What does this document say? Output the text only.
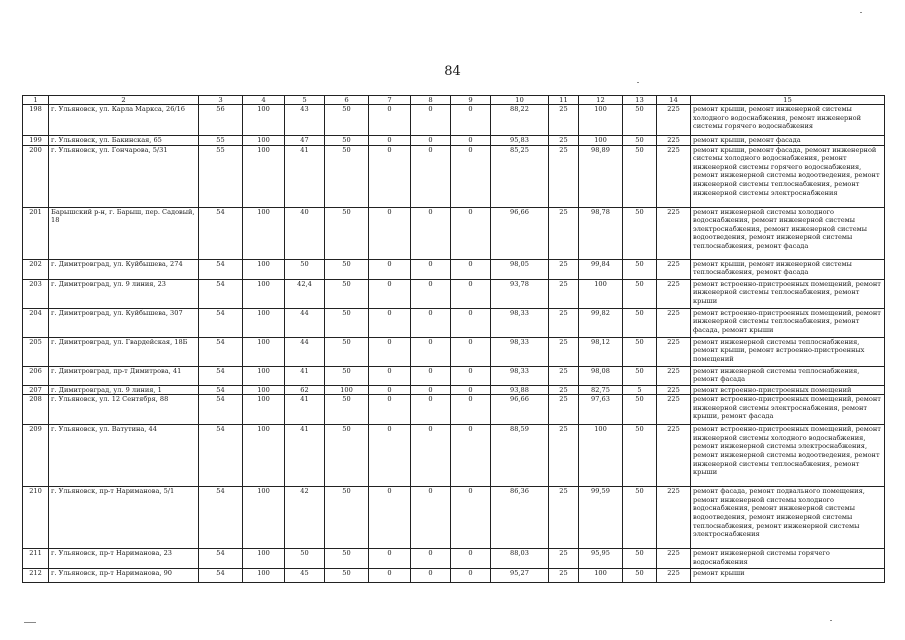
84
1	2	3	4	5	6	7	8	9	10	11	12	13	14	15
198	г. Ульяновск, ул. Карла Маркса, 26/16	56	100	43	50	0	0	0	88,22	25	100	50	225	ремонт крыши, ремонт инженерной системы холодного водоснабжения, ремонт инженерной системы горячего водоснабжения
199	г. Ульяновск, ул. Бакинская, 65	55	100	47	50	0	0	0	95,83	25	100	50	225	ремонт крыши, ремонт фасада
200	г. Ульяновск, ул. Гончарова, 5/31	55	100	41	50	0	0	0	85,25	25	98,89	50	225	ремонт крыши, ремонт фасада, ремонт инженерной системы холодного водоснабжения, ремонт инженерной системы горячего водоснабжения, ремонт инженерной системы водоотведения, ремонт инженерной системы теплоснабжения, ремонт инженерной системы электроснабжения
201	Барышский р-н, г. Барыш, пер. Садовый, 18	54	100	40	50	0	0	0	96,66	25	98,78	50	225	ремонт инженерной системы холодного водоснабжения, ремонт инженерной системы электроснабжения, ремонт инженерной системы водоотведения, ремонт инженерной системы теплоснабжения, ремонт фасада
202	г. Димитровград, ул. Куйбышева, 274	54	100	50	50	0	0	0	98,05	25	99,84	50	225	ремонт крыши, ремонт инженерной системы теплоснабжения, ремонт фасада
203	г. Димитровград, ул. 9 линия, 23	54	100	42,4	50	0	0	0	93,78	25	100	50	225	ремонт встроенно-пристроенных помещений, ремонт инженерной системы теплоснабжения, ремонт крыши
204	г. Димитровград, ул. Куйбышева, 307	54	100	44	50	0	0	0	98,33	25	99,82	50	225	ремонт встроенно-пристроенных помещений, ремонт инженерной системы теплоснабжения, ремонт фасада, ремонт крыши
205	г. Димитровград, ул. Гвардейская, 18Б	54	100	44	50	0	0	0	98,33	25	98,12	50	225	ремонт инженерной системы теплоснабжения, ремонт крыши, ремонт встроенно-пристроенных помещений
206	г. Димитровград, пр-т Димитрова, 41	54	100	41	50	0	0	0	98,33	25	98,08	50	225	ремонт инженерной системы теплоснабжения, ремонт фасада
207	г. Димитровград, ул. 9 линия, 1	54	100	62	100	0	0	0	93,88	25	82,75	5	225	ремонт встроенно-пристроенных помещений
208	г. Ульяновск, ул. 12 Сентября, 88	54	100	41	50	0	0	0	96,66	25	97,63	50	225	ремонт встроенно-пристроенных помещений, ремонт инженерной системы электроснабжения, ремонт крыши, ремонт фасада
209	г. Ульяновск, ул. Ватутина, 44	54	100	41	50	0	0	0	88,59	25	100	50	225	ремонт встроенно-пристроенных помещений, ремонт инженерной системы холодного водоснабжения, ремонт инженерной системы электроснабжения, ремонт инженерной системы водоотведения, ремонт инженерной системы теплоснабжения, ремонт крыши
210	г. Ульяновск, пр-т Нариманова, 5/1	54	100	42	50	0	0	0	86,36	25	99,59	50	225	ремонт фасада, ремонт подвального помещения, ремонт инженерной системы холодного водоснабжения, ремонт инженерной системы водоотведения, ремонт инженерной системы теплоснабжения, ремонт инженерной системы электроснабжения
211	г. Ульяновск, пр-т Нариманова, 23	54	100	50	50	0	0	0	88,03	25	95,95	50	225	ремонт инженерной системы горячего водоснабжения
212	г. Ульяновск, пр-т Нариманова, 90	54	100	45	50	0	0	0	95,27	25	100	50	225	ремонт крыши
